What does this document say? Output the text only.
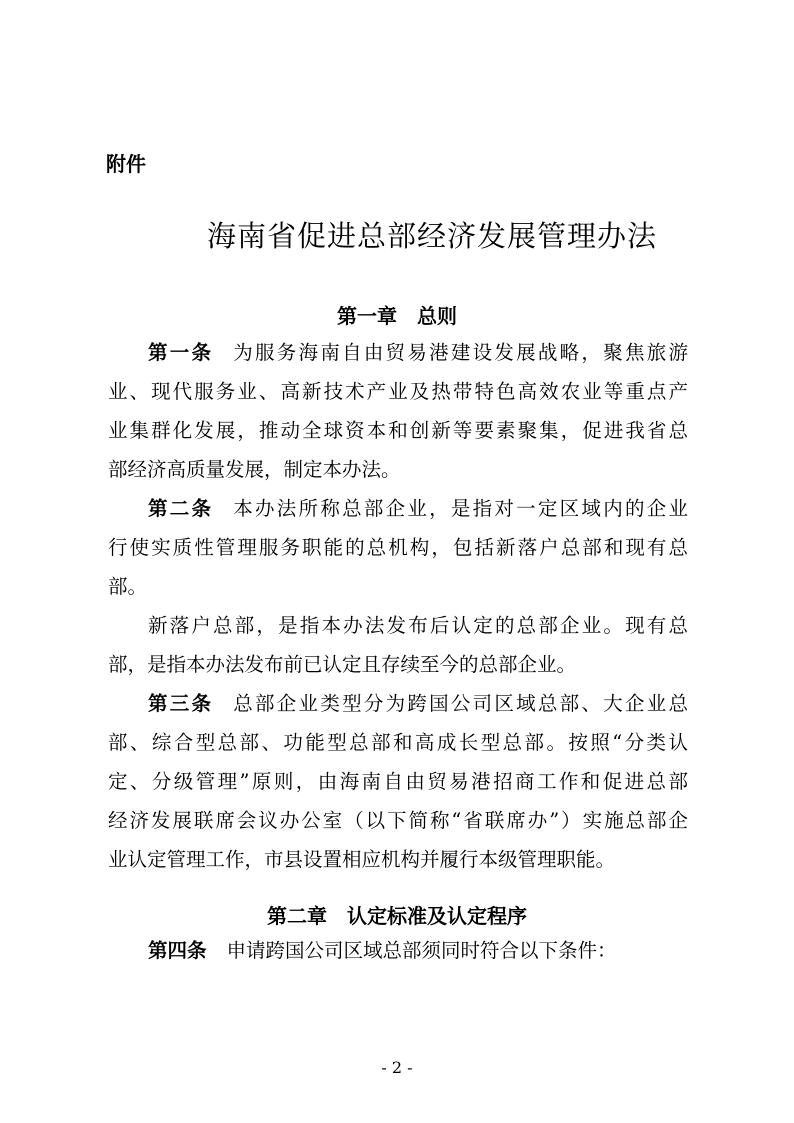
附件
海南省促进总部经济发展管理办法
第一章 总则
第一条 为服务海南自由贸易港建设发展战略，聚焦旅游
业、现代服务业、高新技术产业及热带特色高效农业等重点产
业集群化发展，推动全球资本和创新等要素聚集，促进我省总
部经济高质量发展，制定本办法。
第二条 本办法所称总部企业，是指对一定区域内的企业
行使实质性管理服务职能的总机构，包括新落户总部和现有总
部。
新落户总部，是指本办法发布后认定的总部企业。现有总
部，是指本办法发布前已认定且存续至今的总部企业。
第三条 总部企业类型分为跨国公司区域总部、大企业总
部、综合型总部、功能型总部和高成长型总部。按照“分类认
定、分级管理”原则，由海南自由贸易港招商工作和促进总部
经济发展联席会议办公室（以下简称“省联席办”）实施总部企
业认定管理工作，市县设置相应机构并履行本级管理职能。
第二章 认定标准及认定程序
第四条 申请跨国公司区域总部须同时符合以下条件：
- 2 -
